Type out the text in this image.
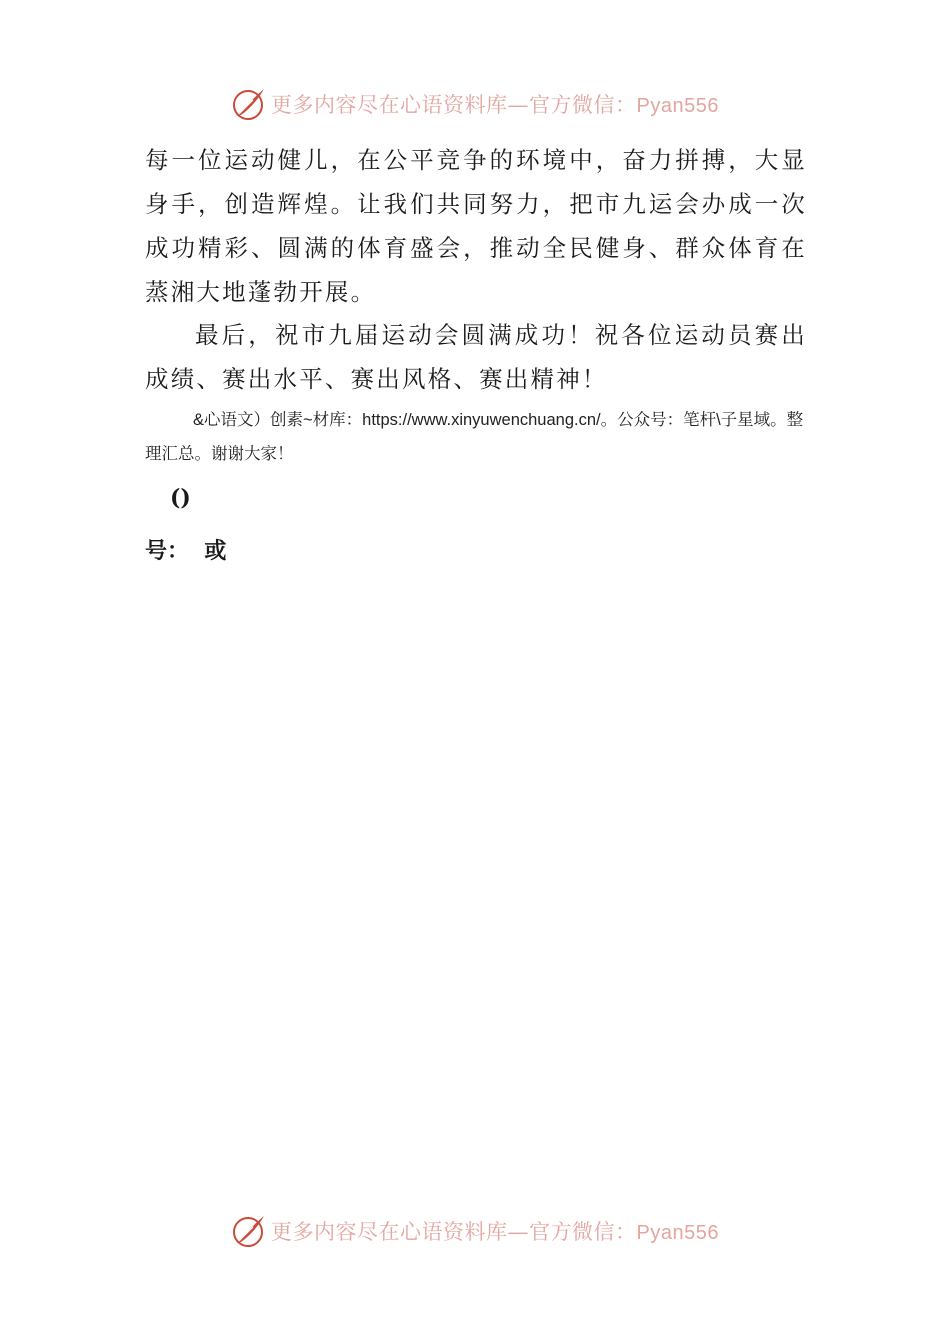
更多内容尽在心语资料库—官方微信：Pyan556

每一位运动健儿，在公平竞争的环境中，奋力拼搏，大显身手，创造辉煌。让我们共同努力，把市九运会办成一次成功精彩、圆满的体育盛会，推动全民健身、群众体育在蒸湘大地蓬勃开展。

最后，祝市九届运动会圆满成功！祝各位运动员赛出成绩、赛出水平、赛出风格、赛出精神！

&心语文）创素~材库：https://www.xinyuwenchuang.cn/。公众号：笔杆\子星域。整理汇总。谢谢大家！

()

号：  或

更多内容尽在心语资料库—官方微信：Pyan556
